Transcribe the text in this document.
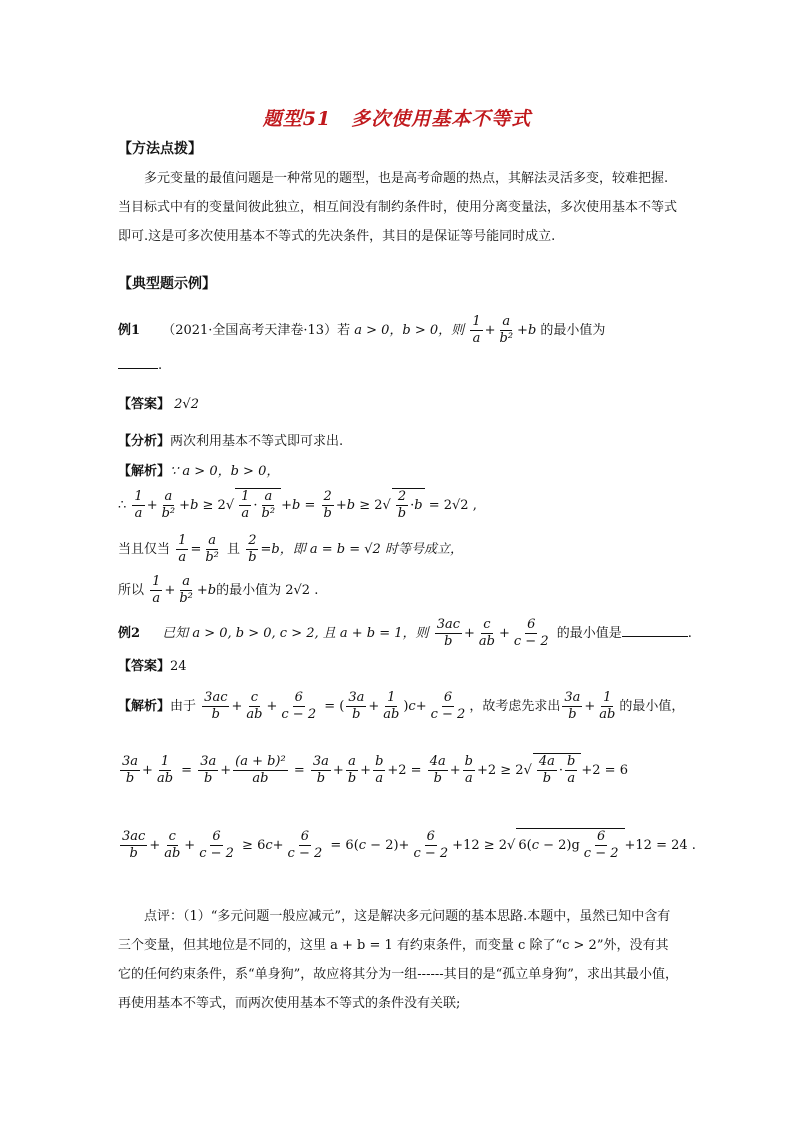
题型51　多次使用基本不等式
【方法点拨】
多元变量的最值问题是一种常见的题型，也是高考命题的热点，其解法灵活多变，较难把握.当目标式中有的变量间彼此独立，相互间没有制约条件时，使用分离变量法，多次使用基本不等式即可.这是可多次使用基本不等式的先决条件，其目的是保证等号能同时成立.
【典型题示例】
例1 （2021·全国高考天津卷·13）若 a > 0，b > 0，则 $\frac{1}{a} + \frac{a}{\text{b²}} +b$ 的最小值为
.
【答案】 2√2
【分析】两次利用基本不等式即可求出.
【解析】∵ a > 0，b > 0，
∴ $\frac{1}{a} + \frac{a}{\text{b²}} +b \ge 2√ \frac{1}{a} \cdot \frac{a}{\text{b²}} +b = \frac{2}{b} +b \ge 2√ \frac{2}{b} \cdot b = 2√2$ ,
当且仅当 $\frac{1}{a} = \frac{a}{\text{b²}}$ 且 $\frac{2}{b} =b$，即 a = b = √2 时等号成立，
所以 $\frac{1}{a} + \frac{a}{\text{b²}} +b$的最小值为 2√2 .
例2 已知 a > 0, b > 0, c > 2, 且 a + b = 1，则 $\frac{3ac}{b} + \frac{c}{ab} + \frac{6}{c - 2}$ 的最小值是	.
【答案】24
【解析】由于 $\frac{3ac}{b} + \frac{c}{ab} + \frac{6}{c - 2}$ = ( $\frac{3a}{b} + \frac{1}{ab} )c+ \frac{6}{c - 2}$ ，故考虑先求出 $\frac{3a}{b} + \frac{1}{ab}$ 的最小值，
$\frac{3a}{b} + \frac{1}{ab} = \frac{3a}{b} + \frac{\text{(a + b)²}}{ab} = \frac{3a}{b} + \frac{a}{b} + \frac{b}{a} +2 = \frac{4a}{b} + \frac{b}{a} +2 \ge 2√ \frac{4a}{b} \cdot \frac{b}{a} +2 = 6$
$\frac{3ac}{b} + \frac{c}{ab} + \frac{6}{c - 2} \ge 6c+ \frac{6}{c - 2} = 6(c - 2)+ \frac{6}{c - 2} +12 \ge 2√$ $6(c - 2)g \frac{6}{c - 2} +12 = 24$ .
点评：（1）“多元问题一般应减元”，这是解决多元问题的基本思路.本题中，虽然已知中含有三个变量，但其地位是不同的，这里 a + b = 1 有约束条件，而变量 c 除了“c > 2”外，没有其它的任何约束条件，系“单身狗”，故应将其分为一组------其目的是“孤立单身狗”，求出其最小值，再使用基本不等式，而两次使用基本不等式的条件没有关联;
